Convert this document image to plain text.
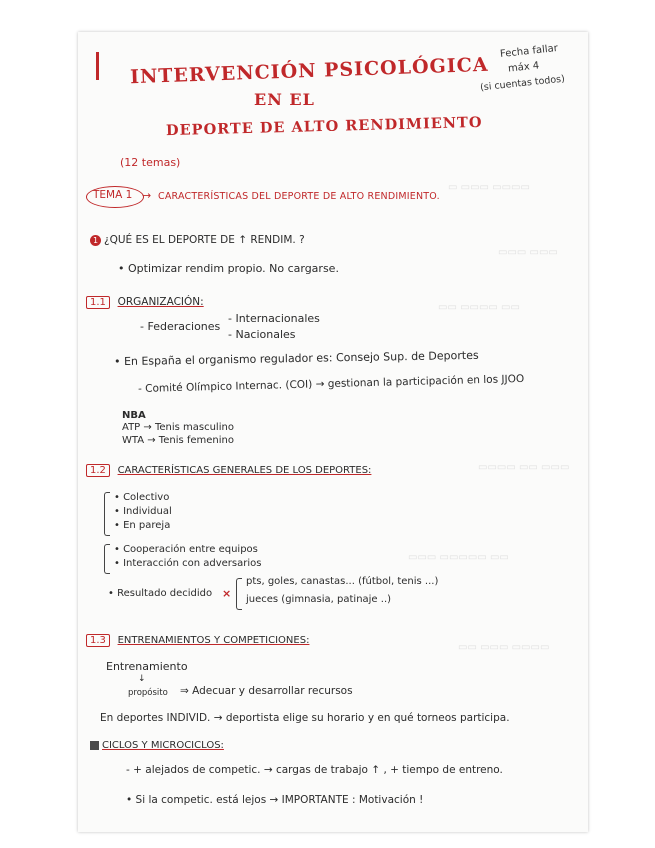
▭ ▭▭▭ ▭▭▭▭
▭▭▭ ▭▭▭
▭▭ ▭▭▭▭ ▭▭
▭▭▭▭ ▭▭ ▭▭▭
▭▭▭ ▭▭▭▭▭ ▭▭
▭▭ ▭▭▭ ▭▭▭▭
Fecha fallar
máx 4
(si cuentas todos)
INTERVENCIÓN PSICOLÓGICA
EN EL
DEPORTE DE ALTO RENDIMIENTO
(12 temas)
TEMA 1 → CARACTERÍSTICAS DEL DEPORTE DE ALTO RENDIMIENTO.
1 ¿QUÉ ES EL DEPORTE DE ↑ RENDIM. ?
• Optimizar rendim propio. No cargarse.
1.1 ORGANIZACIÓN:
- Federaciones
- Internacionales
- Nacionales
• En España el organismo regulador es: Consejo Sup. de Deportes
- Comité Olímpico Internac. (COI) → gestionan la participación en los JJOO
NBA
ATP → Tenis masculino
WTA → Tenis femenino
1.2 CARACTERÍSTICAS GENERALES DE LOS DEPORTES:
• Colectivo
• Individual
• En pareja
• Cooperación entre equipos
• Interacción con adversarios
• Resultado decidido ×
pts, goles, canastas... (fútbol, tenis ...)
jueces (gimnasia, patinaje ..)
1.3 ENTRENAMIENTOS Y COMPETICIONES:
Entrenamiento
↓
propósito ⇒ Adecuar y desarrollar recursos
En deportes INDIVID. → deportista elige su horario y en qué torneos participa.
CICLOS Y MICROCICLOS:
- + alejados de competic. → cargas de trabajo ↑ , + tiempo de entreno.
• Si la competic. está lejos → IMPORTANTE : Motivación !
